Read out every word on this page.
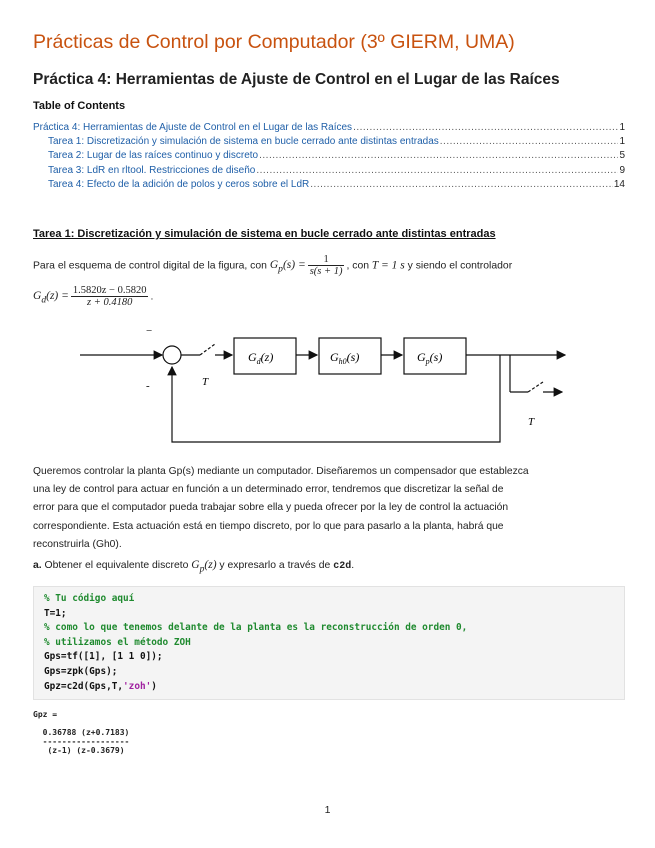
Prácticas de Control por Computador (3º GIERM, UMA)
Práctica 4: Herramientas de Ajuste de Control en el Lugar de las Raíces
Table of Contents
Práctica 4: Herramientas de Ajuste de Control en el Lugar de las Raíces .....	1
Tarea 1: Discretización y simulación de sistema en bucle cerrado ante distintas entradas .....	1
Tarea 2: Lugar de las raíces continuo y discreto .....	5
Tarea 3: LdR en rltool. Restricciones de diseño .....	9
Tarea 4: Efecto de la adición de polos y ceros sobre el LdR .....	14
Tarea 1: Discretización y simulación de sistema en bucle cerrado ante distintas entradas
Para el esquema de control digital de la figura, con $G_p(s) = \frac{1}{s(s + 1)}$ , con T = 1 s y siendo el controlador
$G_d(z) = \frac{1.5820z - 0.5820}{z + 0.4180}$ .
−
-	T
$G_d(z)$	$G_{h0}(s)$	$G_p(s)$
T
Queremos controlar la planta Gp(s) mediante un computador. Diseñaremos un compensador que establezca
una ley de control para actuar en función a un determinado error, tendremos que discretizar la señal de
error para que el computador pueda trabajar sobre ella y pueda ofrecer por la ley de control la actuación
correspondiente. Esta actuación está en tiempo discreto, por lo que para pasarlo a la planta, habrá que
reconstruirla (Gh0).
a. Obtener el equivalente discreto $G_p(z)$ y expresarlo a través de c2d.
% Tu código aquí
T=1;
% como lo que tenemos delante de la planta es la reconstrucción de orden 0,
% utilizamos el método ZOH
Gps=tf([1], [1 1 0]);
Gps=zpk(Gps);
Gpz=c2d(Gps,T,'zoh')
Gpz =
0.36788 (z+0.7183)
------------------
(z-1) (z-0.3679)
1
